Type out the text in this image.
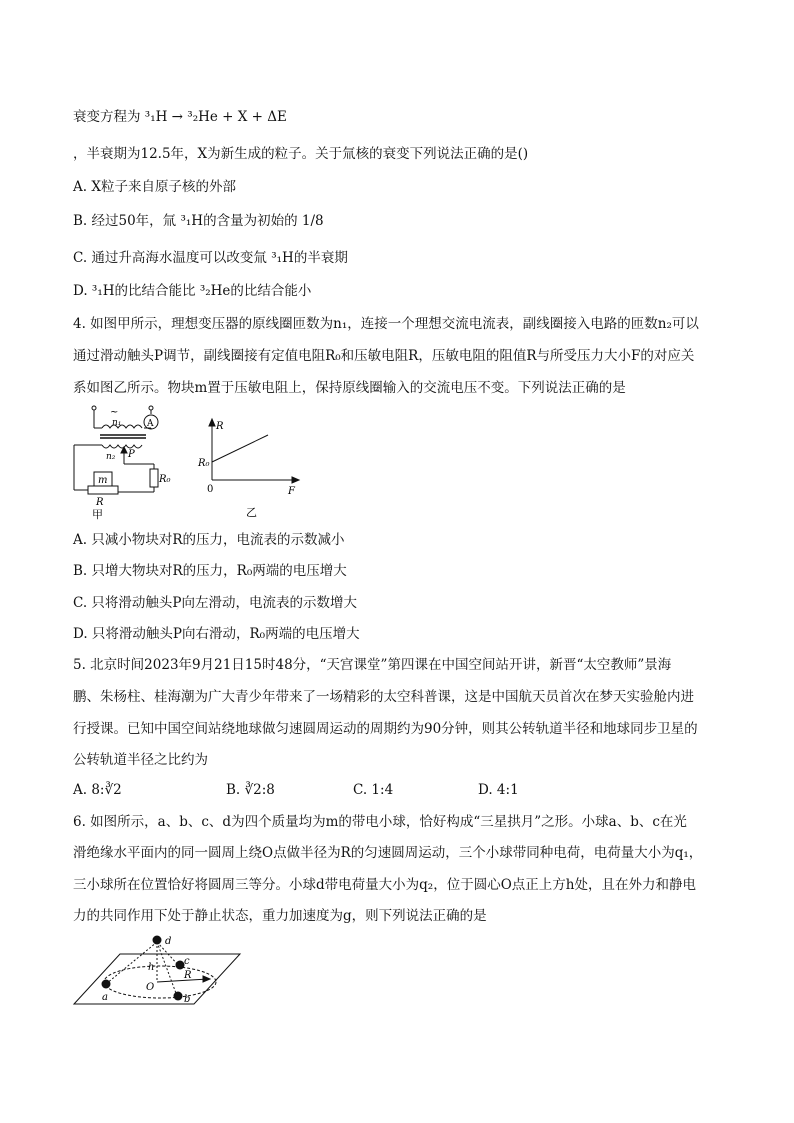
衰变方程为 ³₁H → ³₂He + X + ΔE
，半衰期为12.5年，X为新生成的粒子。关于氚核的衰变下列说法正确的是()
A. X粒子来自原子核的外部
B. 经过50年，氚 ³₁H的含量为初始的 1/8
C. 通过升高海水温度可以改变氚 ³₁H的半衰期
D. ³₁H的比结合能比 ³₂He的比结合能小
4. 如图甲所示，理想变压器的原线圈匝数为n₁，连接一个理想交流电流表，副线圈接入电路的匝数n₂可以
通过滑动触头P调节，副线圈接有定值电阻R₀和压敏电阻R，压敏电阻的阻值R与所受压力大小F的对应关
系如图乙所示。物块m置于压敏电阻上，保持原线圈输入的交流电压不变。下列说法正确的是
~
A
n₁
n₂ P
m
R
R₀
甲
R
R₀
0	F
乙
A. 只减小物块对R的压力，电流表的示数减小
B. 只增大物块对R的压力，R₀两端的电压增大
C. 只将滑动触头P向左滑动，电流表的示数增大
D. 只将滑动触头P向右滑动，R₀两端的电压增大
5. 北京时间2023年9月21日15时48分，“天宫课堂”第四课在中国空间站开讲，新晋“太空教师”景海
鹏、朱杨柱、桂海潮为广大青少年带来了一场精彩的太空科普课，这是中国航天员首次在梦天实验舱内进
行授课。已知中国空间站绕地球做匀速圆周运动的周期约为90分钟，则其公转轨道半径和地球同步卫星的
公转轨道半径之比约为
A. 8:∛2	B. ∛2:8	C. 1:4	D. 4:1
6. 如图所示，a、b、c、d为四个质量均为m的带电小球，恰好构成“三星拱月”之形。小球a、b、c在光
滑绝缘水平面内的同一圆周上绕O点做半径为R的匀速圆周运动，三个小球带同种电荷，电荷量大小为q₁，
三小球所在位置恰好将圆周三等分。小球d带电荷量大小为q₂，位于圆心O点正上方h处，且在外力和静电
力的共同作用下处于静止状态，重力加速度为g，则下列说法正确的是
d
a	b
c
O
h
R
